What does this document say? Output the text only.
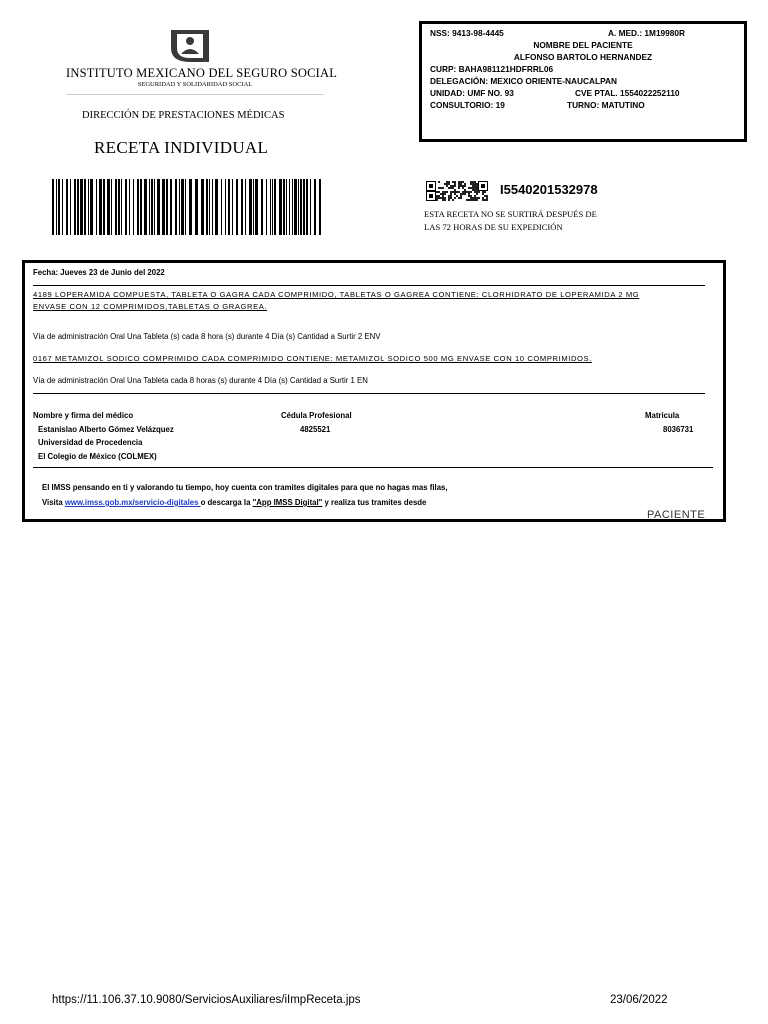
INSTITUTO MEXICANO DEL SEGURO SOCIAL
SEGURIDAD Y SOLIDARIDAD SOCIAL
DIRECCIÓN DE PRESTACIONES MÉDICAS
RECETA INDIVIDUAL
NSS: 9413-98-4445	A. MED.: 1M19980R
NOMBRE DEL PACIENTE
ALFONSO BARTOLO HERNANDEZ
CURP: BAHA981121HDFRRL06
DELEGACIÓN: MEXICO ORIENTE-NAUCALPAN
UNIDAD: UMF NO. 93	CVE PTAL. 1554022252110
CONSULTORIO: 19	TURNO: MATUTINO
I5540201532978
ESTA RECETA NO SE SURTIRÁ DESPUÉS DE
LAS 72 HORAS DE SU EXPEDICIÓN
Fecha: Jueves 23 de Junio del 2022
4189 LOPERAMIDA COMPUESTA, TABLETA O GAGRA CADA COMPRIMIDO, TABLETAS O GAGREA CONTIENE: CLORHIDRATO DE LOPERAMIDA 2 MG
ENVASE CON 12 COMPRIMIDOS,TABLETAS O GRAGREA.
Vía de administración Oral Una Tableta (s) cada 8 hora (s) durante 4 Día (s) Cantidad a Surtir 2 ENV
0167 METAMIZOL SODICO COMPRIMIDO CADA COMPRIMIDO CONTIENE: METAMIZOL SODICO 500 MG ENVASE CON 10 COMPRIMIDOS.
Vía de administración Oral Una Tableta cada 8 horas (s) durante 4 Día (s) Cantidad a Surtir 1 EN
Nombre y firma del médico	Cédula Profesional	Matricula
Estanislao Alberto Gómez Velázquez	4825521	8036731
Universidad de Procedencia
El Colegio de México (COLMEX)
El IMSS pensando en ti y valorando tu tiempo, hoy cuenta con tramites digitales para que no hagas mas filas,
Visita www.imss.gob.mx/servicio-digitales o descarga la "App IMSS Digital" y realiza tus tramites desde
PACIENTE
https://11.106.37.10.9080/ServiciosAuxiliares/iImpReceta.jps	23/06/2022
